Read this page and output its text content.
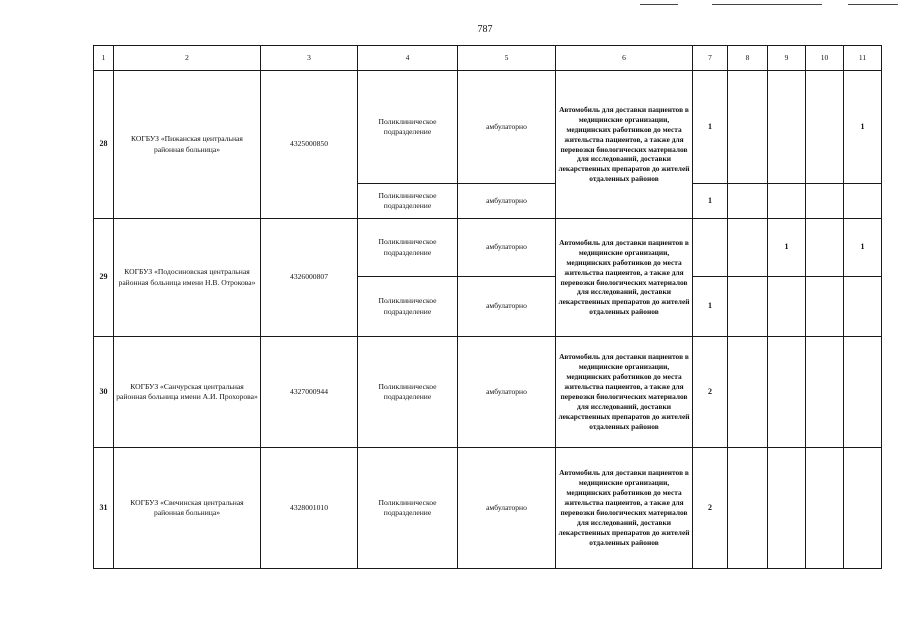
787
1	2	3	4	5	6	7	8	9	10	11
28	КОГБУЗ «Пижанская центральная районная больница»	4325000850	Поликлиническое подразделение	амбулаторно	Автомобиль для доставки пациентов в медицинские организации, медицинских работников до места жительства пациентов, а также для перевозки биологических материалов для исследований, доставки лекарственных препаратов до жителей отдаленных районов	1				1
			Поликлиническое подразделение	амбулаторно		1				
29	КОГБУЗ «Подосиновская центральная районная больница имени Н.В. Отрокова»	4326000807	Поликлиническое подразделение	амбулаторно	Автомобиль для доставки пациентов в медицинские организации, медицинских работников до места жительства пациентов, а также для перевозки биологических материалов для исследований, доставки лекарственных препаратов до жителей отдаленных районов			1		1
			Поликлиническое подразделение	амбулаторно		1				
30	КОГБУЗ «Санчурская центральная районная больница имени А.И. Прохорова»	4327000944	Поликлиническое подразделение	амбулаторно	Автомобиль для доставки пациентов в медицинские организации, медицинских работников до места жительства пациентов, а также для перевозки биологических материалов для исследований, доставки лекарственных препаратов до жителей отдаленных районов	2				
31	КОГБУЗ «Свечинская центральная районная больница»	4328001010	Поликлиническое подразделение	амбулаторно	Автомобиль для доставки пациентов в медицинские организации, медицинских работников до места жительства пациентов, а также для перевозки биологических материалов для исследований, доставки лекарственных препаратов до жителей отдаленных районов	2				
